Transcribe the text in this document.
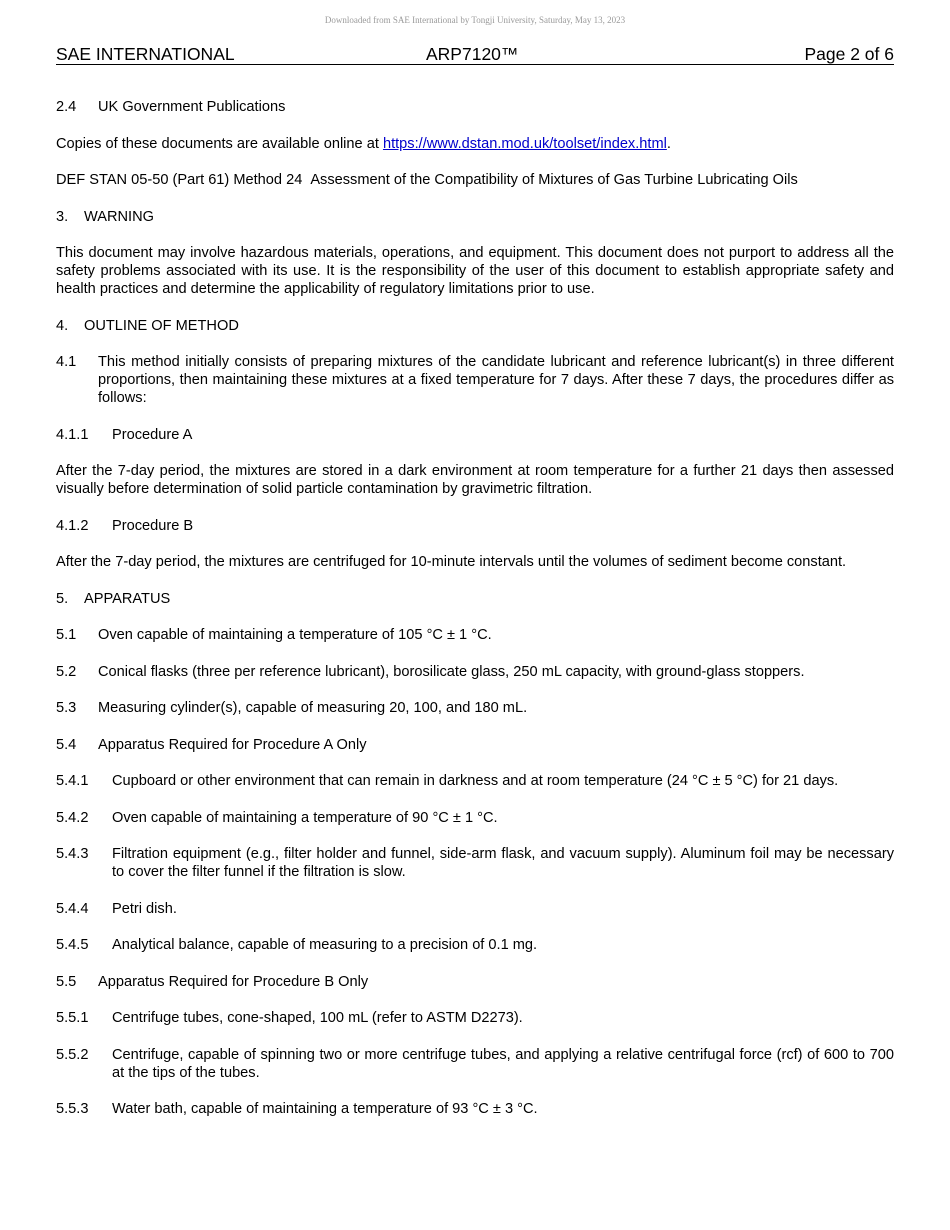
Downloaded from SAE International by Tongji University, Saturday, May 13, 2023
SAE INTERNATIONAL	ARP7120™	Page 2 of 6
2.4	UK Government Publications

Copies of these documents are available online at https://www.dstan.mod.uk/toolset/index.html.

DEF STAN 05-50 (Part 61) Method 24 Assessment of the Compatibility of Mixtures of Gas Turbine Lubricating Oils

3.	WARNING

This document may involve hazardous materials, operations, and equipment. This document does not purport to address all the safety problems associated with its use. It is the responsibility of the user of this document to establish appropriate safety and health practices and determine the applicability of regulatory limitations prior to use.

4.	OUTLINE OF METHOD
4.1	This method initially consists of preparing mixtures of the candidate lubricant and reference lubricant(s) in three different proportions, then maintaining these mixtures at a fixed temperature for 7 days. After these 7 days, the procedures differ as follows:
4.1.1	Procedure A

After the 7-day period, the mixtures are stored in a dark environment at room temperature for a further 21 days then assessed visually before determination of solid particle contamination by gravimetric filtration.

4.1.2	Procedure B

After the 7-day period, the mixtures are centrifuged for 10-minute intervals until the volumes of sediment become constant.

5.	APPARATUS
5.1	Oven capable of maintaining a temperature of 105 °C ± 1 °C.
5.2	Conical flasks (three per reference lubricant), borosilicate glass, 250 mL capacity, with ground-glass stoppers.
5.3	Measuring cylinder(s), capable of measuring 20, 100, and 180 mL.
5.4	Apparatus Required for Procedure A Only
5.4.1	Cupboard or other environment that can remain in darkness and at room temperature (24 °C ± 5 °C) for 21 days.
5.4.2	Oven capable of maintaining a temperature of 90 °C ± 1 °C.
5.4.3	Filtration equipment (e.g., filter holder and funnel, side-arm flask, and vacuum supply). Aluminum foil may be necessary to cover the filter funnel if the filtration is slow.
5.4.4	Petri dish.
5.4.5	Analytical balance, capable of measuring to a precision of 0.1 mg.
5.5	Apparatus Required for Procedure B Only
5.5.1	Centrifuge tubes, cone-shaped, 100 mL (refer to ASTM D2273).
5.5.2	Centrifuge, capable of spinning two or more centrifuge tubes, and applying a relative centrifugal force (rcf) of 600 to 700 at the tips of the tubes.
5.5.3	Water bath, capable of maintaining a temperature of 93 °C ± 3 °C.
